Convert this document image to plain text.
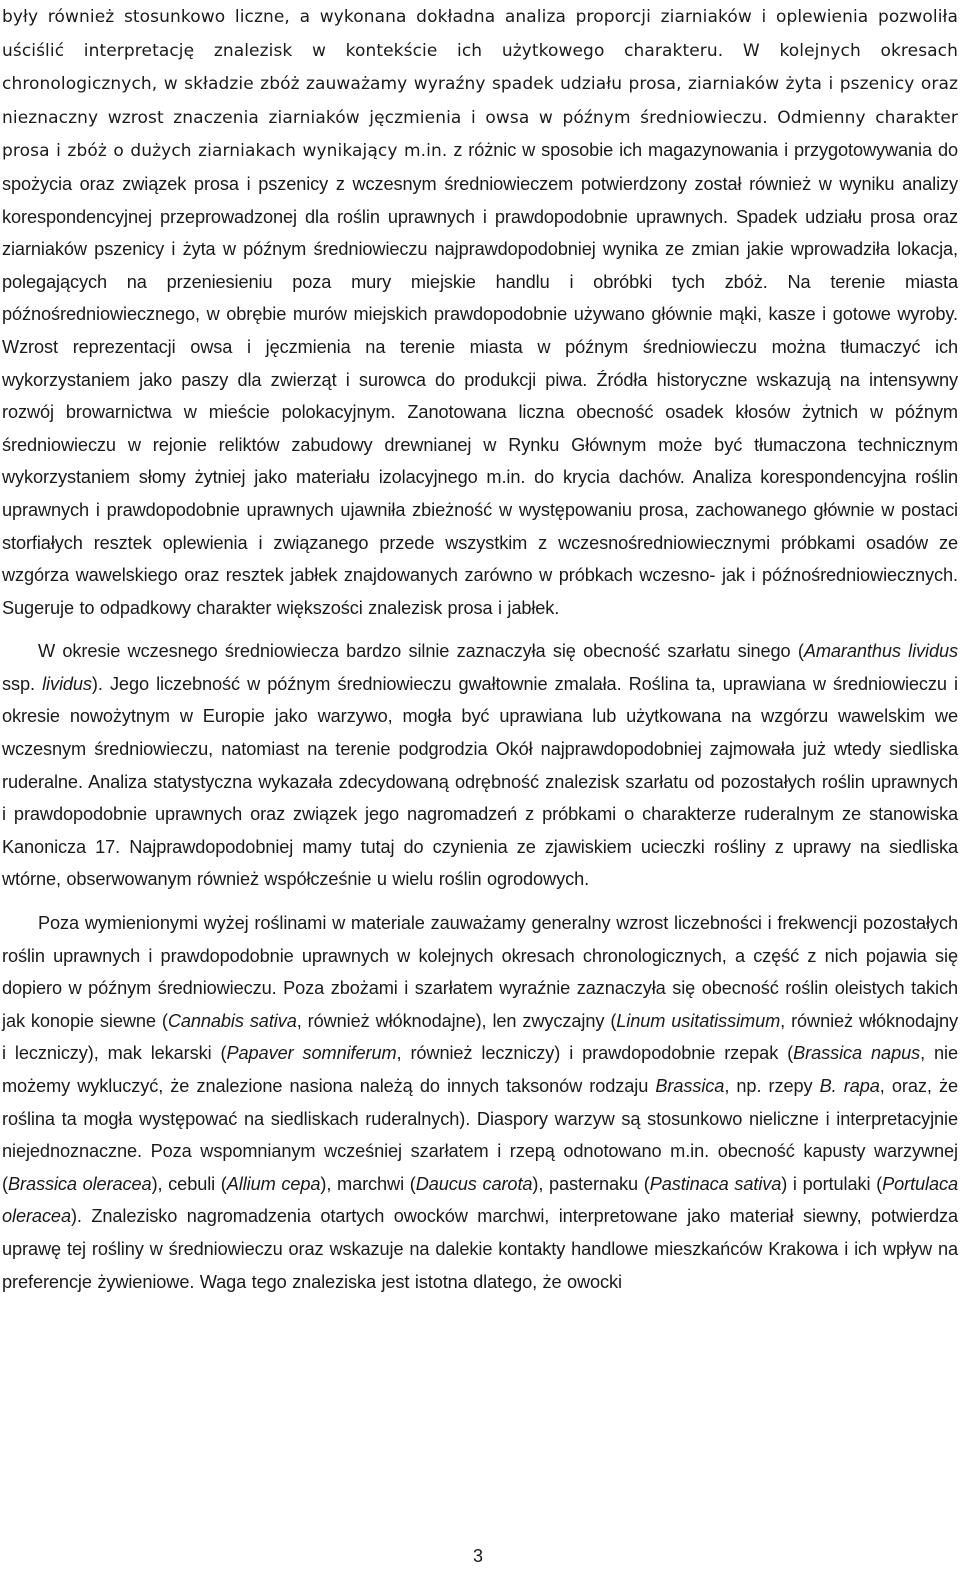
były również stosunkowo liczne, a wykonana dokładna analiza proporcji ziarniaków i oplewienia pozwoliła uściślić interpretację znalezisk w kontekście ich użytkowego charakteru. W kolejnych okresach chronologicznych, w składzie zbóż zauważamy wyraźny spadek udziału prosa, ziarniaków żyta i pszenicy oraz nieznaczny wzrost znaczenia ziarniaków jęczmienia i owsa w późnym średniowieczu. Odmienny charakter prosa i zbóż o dużych ziarniakach wynikający m.in. z różnic w sposobie ich magazynowania i przygotowywania do spożycia oraz związek prosa i pszenicy z wczesnym średniowieczem potwierdzony został również w wyniku analizy korespondencyjnej przeprowadzonej dla roślin uprawnych i prawdopodobnie uprawnych. Spadek udziału prosa oraz ziarniaków pszenicy i żyta w późnym średniowieczu najprawdopodobniej wynika ze zmian jakie wprowadziła lokacja, polegających na przeniesieniu poza mury miejskie handlu i obróbki tych zbóż. Na terenie miasta późnośredniowiecznego, w obrębie murów miejskich prawdopodobnie używano głównie mąki, kasze i gotowe wyroby. Wzrost reprezentacji owsa i jęczmienia na terenie miasta w późnym średniowieczu można tłumaczyć ich wykorzystaniem jako paszy dla zwierząt i surowca do produkcji piwa. Źródła historyczne wskazują na intensywny rozwój browarnictwa w mieście polokacyjnym. Zanotowana liczna obecność osadek kłosów żytnich w późnym średniowieczu w rejonie reliktów zabudowy drewnianej w Rynku Głównym może być tłumaczona technicznym wykorzystaniem słomy żytniej jako materiału izolacyjnego m.in. do krycia dachów. Analiza korespondencyjna roślin uprawnych i prawdopodobnie uprawnych ujawniła zbieżność w występowaniu prosa, zachowanego głównie w postaci storfiałych resztek oplewienia i związanego przede wszystkim z wczesnośredniowiecznymi próbkami osadów ze wzgórza wawelskiego oraz resztek jabłek znajdowanych zarówno w próbkach wczesno- jak i późnośredniowiecznych. Sugeruje to odpadkowy charakter większości znalezisk prosa i jabłek.

W okresie wczesnego średniowiecza bardzo silnie zaznaczyła się obecność szarłatu sinego (Amaranthus lividus ssp. lividus). Jego liczebność w późnym średniowieczu gwałtownie zmalała. Roślina ta, uprawiana w średniowieczu i okresie nowożytnym w Europie jako warzywo, mogła być uprawiana lub użytkowana na wzgórzu wawelskim we wczesnym średniowieczu, natomiast na terenie podgrodzia Okół najprawdopodobniej zajmowała już wtedy siedliska ruderalne. Analiza statystyczna wykazała zdecydowaną odrębność znalezisk szarłatu od pozostałych roślin uprawnych i prawdopodobnie uprawnych oraz związek jego nagromadzeń z próbkami o charakterze ruderalnym ze stanowiska Kanonicza 17. Najprawdopodobniej mamy tutaj do czynienia ze zjawiskiem ucieczki rośliny z uprawy na siedliska wtórne, obserwowanym również współcześnie u wielu roślin ogrodowych.

Poza wymienionymi wyżej roślinami w materiale zauważamy generalny wzrost liczebności i frekwencji pozostałych roślin uprawnych i prawdopodobnie uprawnych w kolejnych okresach chronologicznych, a część z nich pojawia się dopiero w późnym średniowieczu. Poza zbożami i szarłatem wyraźnie zaznaczyła się obecność roślin oleistych takich jak konopie siewne (Cannabis sativa, również włóknodajne), len zwyczajny (Linum usitatissimum, również włóknodajny i leczniczy), mak lekarski (Papaver somniferum, również leczniczy) i prawdopodobnie rzepak (Brassica napus, nie możemy wykluczyć, że znalezione nasiona należą do innych taksonów rodzaju Brassica, np. rzepy B. rapa, oraz, że roślina ta mogła występować na siedliskach ruderalnych). Diaspory warzyw są stosunkowo nieliczne i interpretacyjnie niejednoznaczne. Poza wspomnianym wcześniej szarłatem i rzepą odnotowano m.in. obecność kapusty warzywnej (Brassica oleracea), cebuli (Allium cepa), marchwi (Daucus carota), pasternaku (Pastinaca sativa) i portulaki (Portulaca oleracea). Znalezisko nagromadzenia otartych owocków marchwi, interpretowane jako materiał siewny, potwierdza uprawę tej rośliny w średniowieczu oraz wskazuje na dalekie kontakty handlowe mieszkańców Krakowa i ich wpływ na preferencje żywieniowe. Waga tego znaleziska jest istotna dlatego, że owocki

3
